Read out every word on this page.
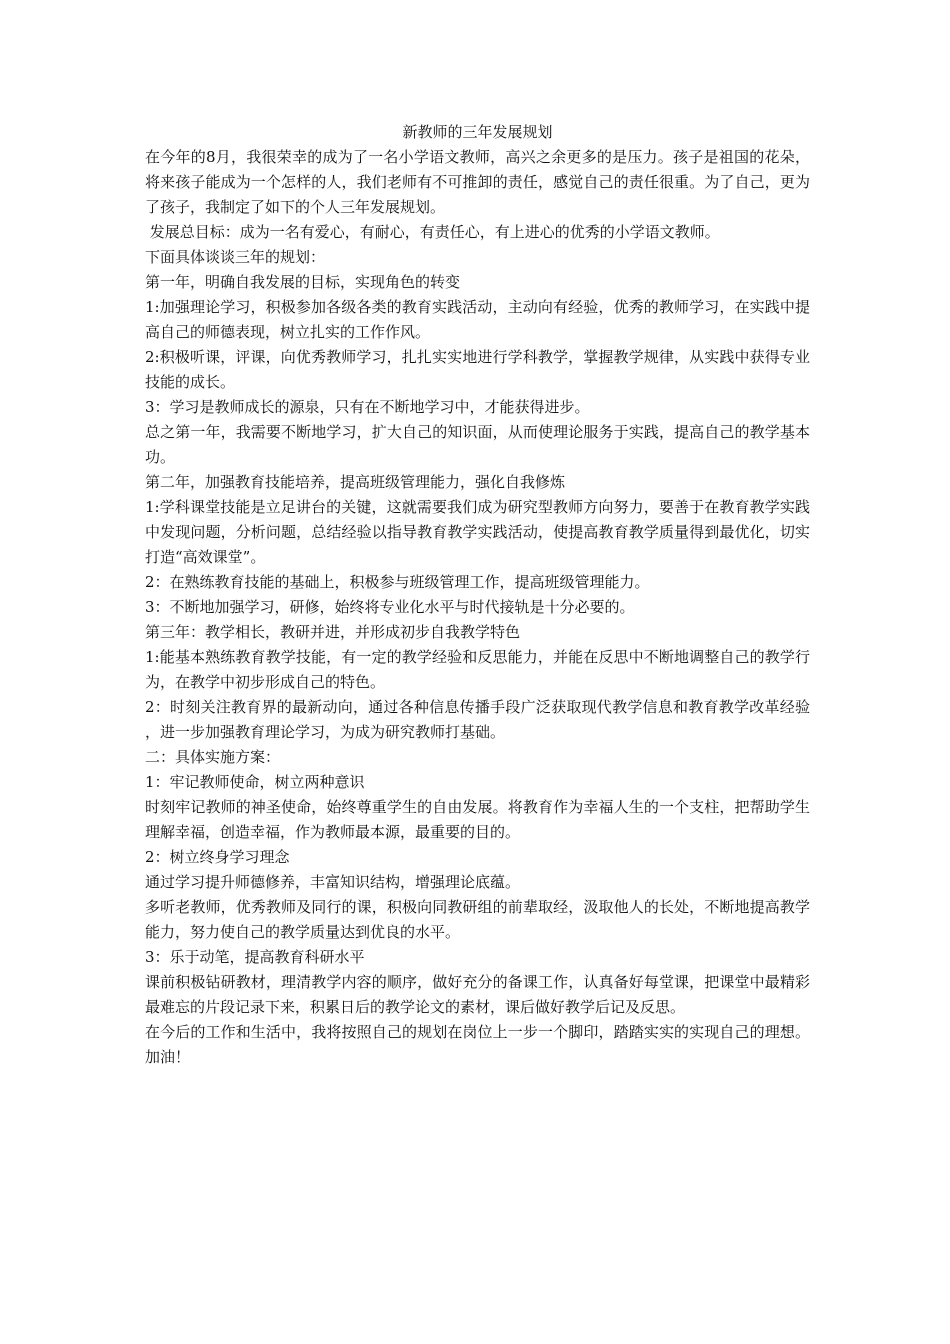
新教师的三年发展规划

在今年的8月，我很荣幸的成为了一名小学语文教师，高兴之余更多的是压力。孩子是祖国的花朵，将来孩子能成为一个怎样的人，我们老师有不可推卸的责任，感觉自己的责任很重。为了自己，更为了孩子，我制定了如下的个人三年发展规划。

发展总目标：成为一名有爱心，有耐心，有责任心，有上进心的优秀的小学语文教师。

下面具体谈谈三年的规划：

第一年，明确自我发展的目标，实现角色的转变

1:加强理论学习，积极参加各级各类的教育实践活动，主动向有经验，优秀的教师学习，在实践中提高自己的师德表现，树立扎实的工作作风。

2:积极听课，评课，向优秀教师学习，扎扎实实地进行学科教学，掌握教学规律，从实践中获得专业技能的成长。

3：学习是教师成长的源泉，只有在不断地学习中，才能获得进步。

总之第一年，我需要不断地学习，扩大自己的知识面，从而使理论服务于实践，提高自己的教学基本功。

第二年，加强教育技能培养，提高班级管理能力，强化自我修炼

1:学科课堂技能是立足讲台的关键，这就需要我们成为研究型教师方向努力，要善于在教育教学实践中发现问题，分析问题，总结经验以指导教育教学实践活动，使提高教育教学质量得到最优化，切实打造“高效课堂”。

2：在熟练教育技能的基础上，积极参与班级管理工作，提高班级管理能力。

3：不断地加强学习，研修，始终将专业化水平与时代接轨是十分必要的。

第三年：教学相长，教研并进，并形成初步自我教学特色

1:能基本熟练教育教学技能，有一定的教学经验和反思能力，并能在反思中不断地调整自己的教学行为，在教学中初步形成自己的特色。

2：时刻关注教育界的最新动向，通过各种信息传播手段广泛获取现代教学信息和教育教学改革经验，进一步加强教育理论学习，为成为研究教师打基础。

二：具体实施方案：

1：牢记教师使命，树立两种意识

时刻牢记教师的神圣使命，始终尊重学生的自由发展。将教育作为幸福人生的一个支柱，把帮助学生理解幸福，创造幸福，作为教师最本源，最重要的目的。

2：树立终身学习理念

通过学习提升师德修养，丰富知识结构，增强理论底蕴。

多听老教师，优秀教师及同行的课，积极向同教研组的前辈取经，汲取他人的长处，不断地提高教学能力，努力使自己的教学质量达到优良的水平。

3：乐于动笔，提高教育科研水平

课前积极钻研教材，理清教学内容的顺序，做好充分的备课工作，认真备好每堂课，把课堂中最精彩最难忘的片段记录下来，积累日后的教学论文的素材，课后做好教学后记及反思。

在今后的工作和生活中，我将按照自己的规划在岗位上一步一个脚印，踏踏实实的实现自己的理想。加油！
